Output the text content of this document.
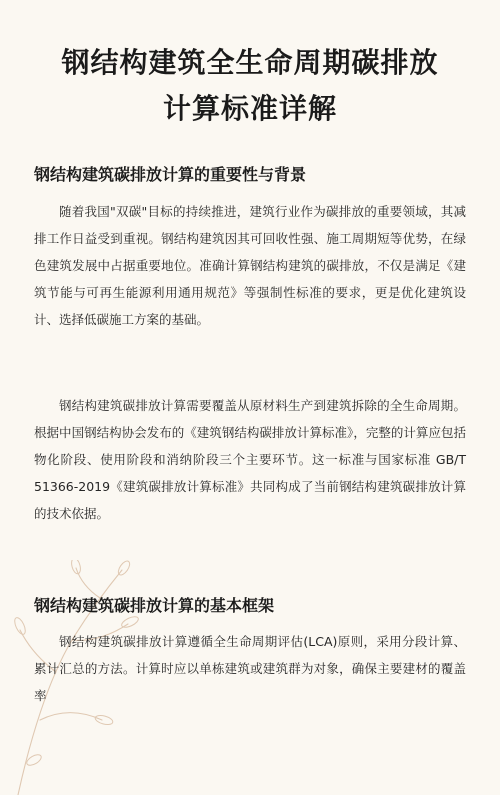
钢结构建筑全生命周期碳排放
计算标准详解
钢结构建筑碳排放计算的重要性与背景
随着我国"双碳"目标的持续推进，建筑行业作为碳排放的重要领域，其减排工作日益受到重视。钢结构建筑因其可回收性强、施工周期短等优势，在绿色建筑发展中占据重要地位。准确计算钢结构建筑的碳排放，不仅是满足《建筑节能与可再生能源利用通用规范》等强制性标准的要求，更是优化建筑设计、选择低碳施工方案的基础。
钢结构建筑碳排放计算需要覆盖从原材料生产到建筑拆除的全生命周期。根据中国钢结构协会发布的《建筑钢结构碳排放计算标准》，完整的计算应包括物化阶段、使用阶段和消纳阶段三个主要环节。这一标准与国家标准 GB/T 51366-2019《建筑碳排放计算标准》共同构成了当前钢结构建筑碳排放计算的技术依据。
钢结构建筑碳排放计算的基本框架
钢结构建筑碳排放计算遵循全生命周期评估(LCA)原则，采用分段计算、累计汇总的方法。计算时应以单栋建筑或建筑群为对象，确保主要建材的覆盖率
